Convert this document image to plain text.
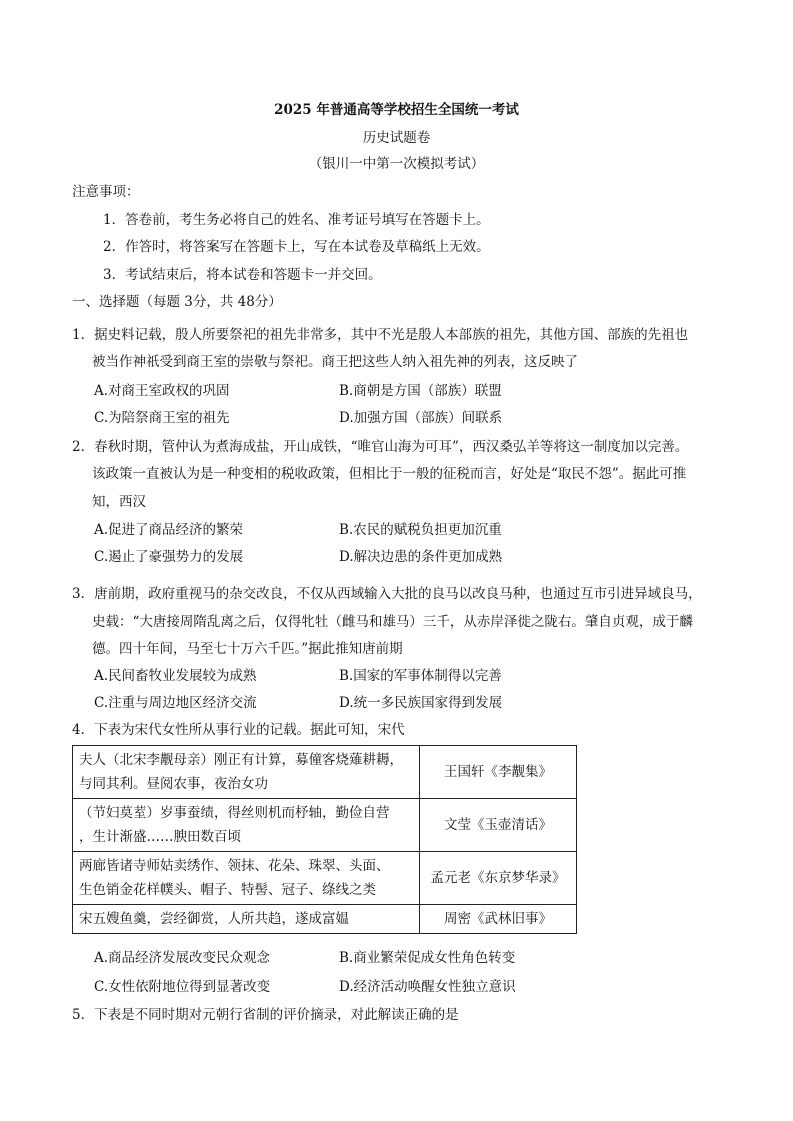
2025 年普通高等学校招生全国统一考试
历史试题卷
（银川一中第一次模拟考试）
注意事项：
1．答卷前，考生务必将自己的姓名、准考证号填写在答题卡上。
2．作答时，将答案写在答题卡上，写在本试卷及草稿纸上无效。
3．考试结束后，将本试卷和答题卡一并交回。
一、选择题（每题 3分，共 48分）
1．据史料记载，殷人所要祭祀的祖先非常多，其中不光是殷人本部族的祖先，其他方国、部族的先祖也
被当作神祇受到商王室的崇敬与祭祀。商王把这些人纳入祖先神的列表，这反映了
A.对商王室政权的巩固	B.商朝是方国（部族）联盟
C.为陪祭商王室的祖先	D.加强方国（部族）间联系
2．春秋时期，管仲认为煮海成盐，开山成铁，“唯官山海为可耳”，西汉桑弘羊等将这一制度加以完善。
该政策一直被认为是一种变相的税收政策，但相比于一般的征税而言，好处是“取民不怨”。据此可推
知，西汉
A.促进了商品经济的繁荣	B.农民的赋税负担更加沉重
C.遏止了豪强势力的发展	D.解决边患的条件更加成熟
3．唐前期，政府重视马的杂交改良，不仅从西域输入大批的良马以改良马种，也通过互市引进异域良马，
史载：“大唐接周隋乱离之后，仅得牝牡（雌马和雄马）三千，从赤岸泽徙之陇右。肇自贞观，成于麟
德。四十年间，马至七十万六千匹。”据此推知唐前期
A.民间畜牧业发展较为成熟	B.国家的军事体制得以完善
C.注重与周边地区经济交流	D.统一多民族国家得到发展
4．下表为宋代女性所从事行业的记载。据此可知，宋代
夫人（北宋李觏母亲）刚正有计算，募僮客烧薙耕耨，
与同其利。昼阅农事，夜治女功	王国轩《李觏集》

（节妇莫荎）岁事蚕绩，得丝则机而杼轴，勤俭自营
，生计渐盛……腴田数百顷	文莹《玉壶清话》

两廊皆诸寺师姑卖绣作、领抹、花朵、珠翠、头面、
生色销金花样幞头、帽子、特髻、冠子、绦线之类	孟元老《东京梦华录》

宋五嫂鱼羹，尝经御赏，人所共趋，遂成富媪	周密《武林旧事》
A.商品经济发展改变民众观念	B.商业繁荣促成女性角色转变
C.女性依附地位得到显著改变	D.经济活动唤醒女性独立意识
5．下表是不同时期对元朝行省制的评价摘录，对此解读正确的是
